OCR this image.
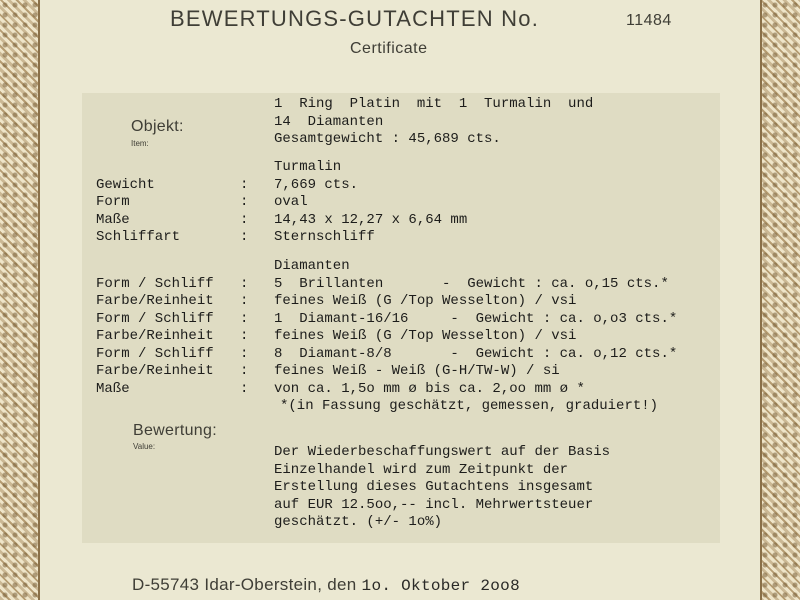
BEWERTUNGS-GUTACHTEN No.	11484
Certificate
Objekt:
Item:
1  Ring  Platin  mit  1  Turmalin  und
14  Diamanten
Gesamtgewicht : 45,689 cts.
Turmalin
Gewicht	: 7,669 cts.
Form	: oval
Maße	: 14,43 x 12,27 x 6,64 mm
Schliffart	: Sternschliff
Diamanten
Form / Schliff : 5  Brillanten       -  Gewicht : ca. o,15 cts.*
Farbe/Reinheit : feines Weiß (G /Top Wesselton) / vsi
Form / Schliff : 1  Diamant-16/16     -  Gewicht : ca. o,o3 cts.*
Farbe/Reinheit : feines Weiß (G /Top Wesselton) / vsi
Form / Schliff : 8  Diamant-8/8       -  Gewicht : ca. o,12 cts.*
Farbe/Reinheit : feines Weiß - Weiß (G-H/TW-W) / si
Maße	: von ca. 1,5o mm ø bis ca. 2,oo mm ø *
*(in Fassung geschätzt, gemessen, graduiert!)
Bewertung:
Value:	Der Wiederbeschaffungswert auf der Basis
Einzelhandel wird zum Zeitpunkt der
Erstellung dieses Gutachtens insgesamt
auf EUR 12.5oo,-- incl. Mehrwertsteuer
geschätzt. (+/- 1o%)
D-55743 Idar-Oberstein, den 1o. Oktober 2oo8
